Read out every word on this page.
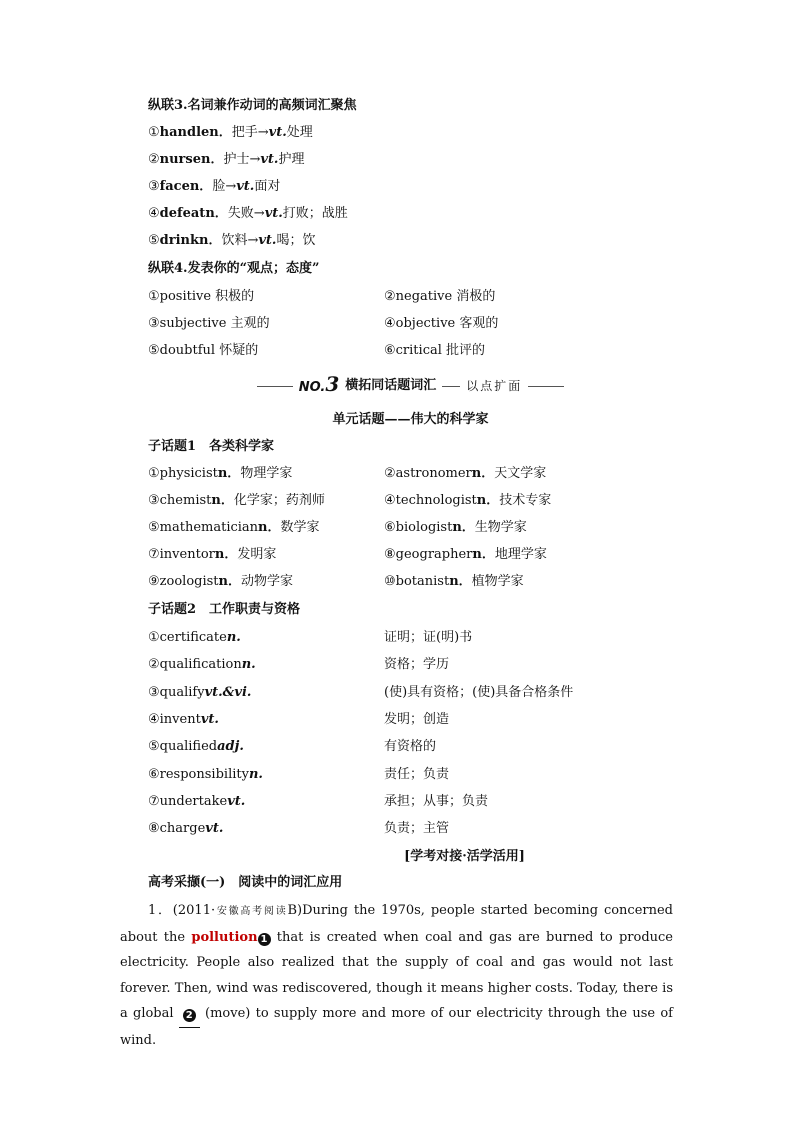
纵联3.名词兼作动词的高频词汇聚焦
①handlen．把手→vt.处理
②nursen．护士→vt.护理
③facen．脸→vt.面对
④defeatn．失败→vt.打败；战胜
⑤drinkn．饮料→vt.喝；饮
纵联4.发表你的“观点；态度”
①positive 积极的	②negative 消极的
③subjective 主观的	④objective 客观的
⑤doubtful 怀疑的	⑥critical 批评的
NO.3 横拓同话题词汇	以点扩面
单元话题——伟大的科学家
子话题1　各类科学家
①physicistn．物理学家	②astronomern．天文学家
③chemistn．化学家；药剂师	④technologistn．技术专家
⑤mathematiciann．数学家	⑥biologistn．生物学家
⑦inventorn．发明家	⑧geographern．地理学家
⑨zoologistn．动物学家	⑩botanistn．植物学家
子话题2　工作职责与资格
①certificaten.	证明；证(明)书
②qualificationn.	资格；学历
③qualifyvt.&vi.	(使)具有资格；(使)具备合格条件
④inventvt.	发明；创造
⑤qualifiedadj.	有资格的
⑥responsibilityn.	责任；负责
⑦undertakevt.	承担；从事；负责
⑧chargevt.	负责；主管
[学考对接·活学活用]
高考采撷(一)　阅读中的词汇应用
1．(2011·安徽高考阅读B)During the 1970s, people started becoming concerned about the pollution 1 that is created when coal and gas are burned to produce electricity. People also realized that the supply of coal and gas would not last forever. Then, wind was rediscovered, though it means higher costs. Today, there is a global 2 (move) to supply more and more of our electricity through the use of wind.
